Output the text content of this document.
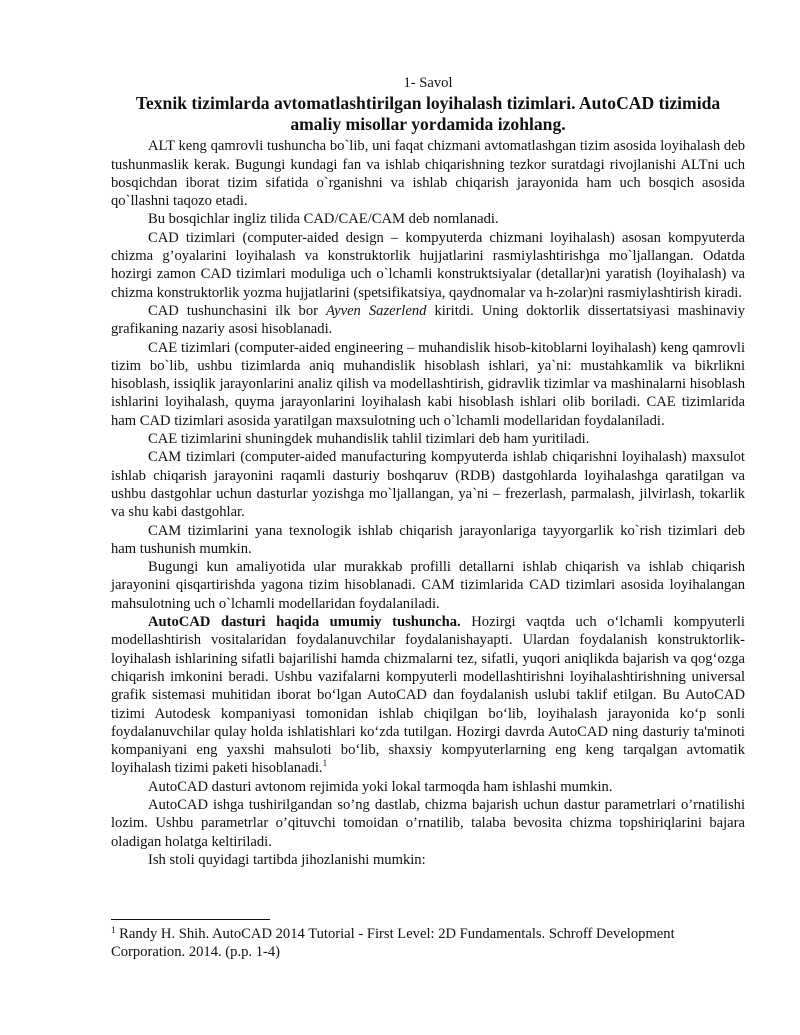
1- Savol

Texnik tizimlarda avtomatlashtirilgan loyihalash tizimlari. AutoCAD tizimida amaliy misollar yordamida izohlang.

ALT keng qamrovli tushuncha bo`lib, uni faqat chizmani avtomatlashgan tizim asosida loyihalash deb tushunmaslik kerak. Bugungi kundagi fan va ishlab chiqarishning tezkor suratdagi rivojlanishi ALTni uch bosqichdan iborat tizim sifatida o`rganishni va ishlab chiqarish jarayonida ham uch bosqich asosida qo`llashni taqozo etadi.

Bu bosqichlar ingliz tilida CAD/CAE/CAM deb nomlanadi.

CAD tizimlari (computer-aided design – kompyuterda chizmani loyihalash) asosan kompyuterda chizma g’oyalarini loyihalash va konstruktorlik hujjatlarini rasmiylashtirishga mo`ljallangan. Odatda hozirgi zamon CAD tizimlari moduliga uch o`lchamli konstruktsiyalar (detallar)ni yaratish (loyihalash) va chizma konstruktorlik yozma hujjatlarini (spetsifikatsiya, qaydnomalar va h-zolar)ni rasmiylashtirish kiradi.

CAD tushunchasini ilk bor Ayven Sazerlend kiritdi. Uning doktorlik dissertatsiyasi mashinaviy grafikaning nazariy asosi hisoblanadi.

CAE tizimlari (computer-aided engineering – muhandislik hisob-kitoblarni loyihalash) keng qamrovli tizim bo`lib, ushbu tizimlarda aniq muhandislik hisoblash ishlari, ya`ni: mustahkamlik va bikrlikni hisoblash, issiqlik jarayonlarini analiz qilish va modellashtirish, gidravlik tizimlar va mashinalarni hisoblash ishlarini loyihalash, quyma jarayonlarini loyihalash kabi hisoblash ishlari olib boriladi. CAE tizimlarida ham CAD tizimlari asosida yaratilgan maxsulotning uch o`lchamli modellaridan foydalaniladi.

CAE tizimlarini shuningdek muhandislik tahlil tizimlari deb ham yuritiladi.

CAM tizimlari (computer-aided manufacturing kompyuterda ishlab chiqarishni loyihalash) maxsulot ishlab chiqarish jarayonini raqamli dasturiy boshqaruv (RDB) dastgohlarda loyihalashga qaratilgan va ushbu dastgohlar uchun dasturlar yozishga mo`ljallangan, ya`ni – frezerlash, parmalash, jilvirlash, tokarlik va shu kabi dastgohlar.

CAM tizimlarini yana texnologik ishlab chiqarish jarayonlariga tayyorgarlik ko`rish tizimlari deb ham tushunish mumkin.

Bugungi kun amaliyotida ular murakkab profilli detallarni ishlab chiqarish va ishlab chiqarish jarayonini qisqartirishda yagona tizim hisoblanadi. CAM tizimlarida CAD tizimlari asosida loyihalangan mahsulotning uch o`lchamli modellaridan foydalaniladi.

AutoCAD dasturi haqida umumiy tushuncha. Hozirgi vaqtda uch o‘lchamli kompyuterli modellashtirish vositalaridan foydalanuvchilar foydalanishayapti. Ulardan foydalanish konstruktorlik-loyihalash ishlarining sifatli bajarilishi hamda chizmalarni tez, sifatli, yuqori aniqlikda bajarish va qog‘ozga chiqarish imkonini beradi. Ushbu vazifalarni kompyuterli modellashtirishni loyihalashtirishning universal grafik sistemasi muhitidan iborat bo‘lgan AutoCAD dan foydalanish uslubi taklif etilgan. Bu AutoCAD tizimi Autodesk kompaniyasi tomonidan ishlab chiqilgan bo‘lib, loyihalash jarayonida ko‘p sonli foydalanuvchilar qulay holda ishlatishlari ko‘zda tutilgan. Hozirgi davrda AutoCAD ning dasturiy ta'minoti kompaniyani eng yaxshi mahsuloti bo‘lib, shaxsiy kompyuterlarning eng keng tarqalgan avtomatik loyihalash tizimi paketi hisoblanadi.$^1$

AutoCAD dasturi avtonom rejimida yoki lokal tarmoqda ham ishlashi mumkin.

AutoCAD ishga tushirilgandan so’ng dastlab, chizma bajarish uchun dastur parametrlari o’rnatilishi lozim. Ushbu parametrlar o’qituvchi tomoidan o’rnatilib, talaba bevosita chizma topshiriqlarini bajara oladigan holatga keltiriladi.

Ish stoli quyidagi tartibda jihozlanishi mumkin:

$^1$ Randy H. Shih. AutoCAD 2014 Tutorial - First Level: 2D Fundamentals. Schroff Development Corporation. 2014. (p.p. 1-4)
